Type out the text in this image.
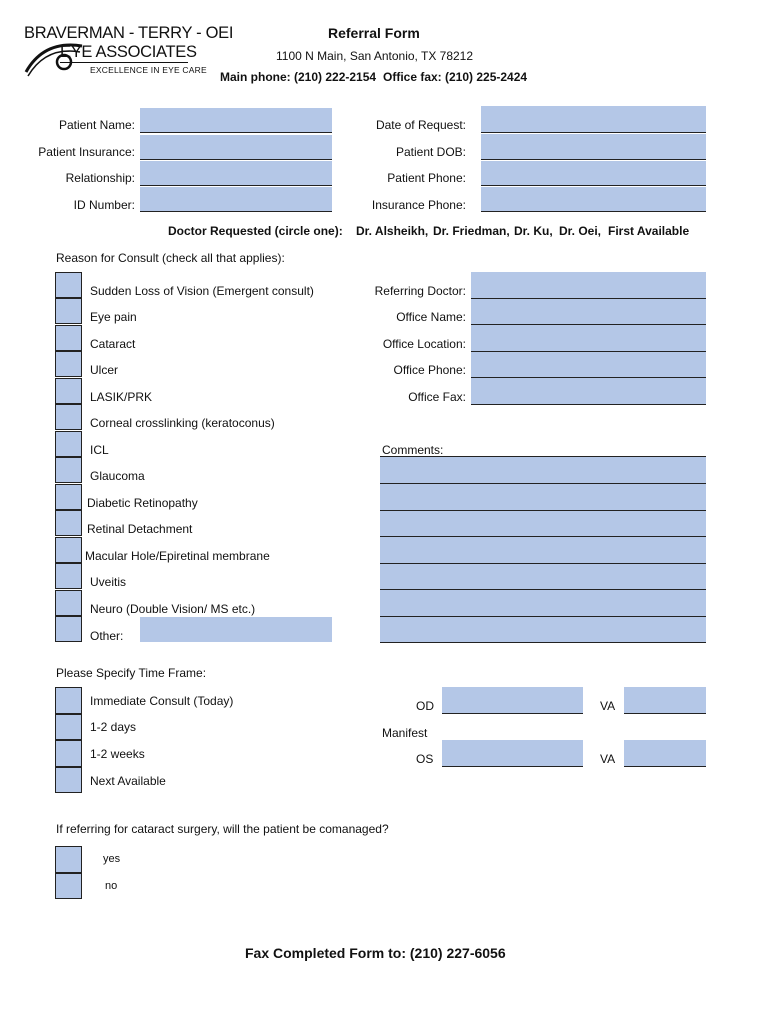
BRAVERMAN - TERRY - OEI
EYE ASSOCIATES
EXCELLENCE IN EYE CARE
Referral Form
1100 N Main, San Antonio, TX 78212
Main phone: (210) 222-2154 Office fax: (210) 225-2424
Patient Name:
Patient Insurance:
Relationship:
ID Number:
Date of Request:
Patient DOB:
Patient Phone:
Insurance Phone:
Doctor Requested (circle one): Dr. Alsheikh, Dr. Friedman, Dr. Ku, Dr. Oei, First Available
Reason for Consult (check all that applies):
Sudden Loss of Vision (Emergent consult)
Eye pain
Cataract
Ulcer
LASIK/PRK
Corneal crosslinking (keratoconus)
ICL
Glaucoma
Diabetic Retinopathy
Retinal Detachment
Macular Hole/Epiretinal membrane
Uveitis
Neuro (Double Vision/ MS etc.)
Other:
Referring Doctor:
Office Name:
Office Location:
Office Phone:
Office Fax:
Comments:
Please Specify Time Frame:
Immediate Consult (Today)
1-2 days
1-2 weeks
Next Available
OD	VA
Manifest
OS	VA
If referring for cataract surgery, will the patient be comanaged?
yes
no
Fax Completed Form to: (210) 227-6056
